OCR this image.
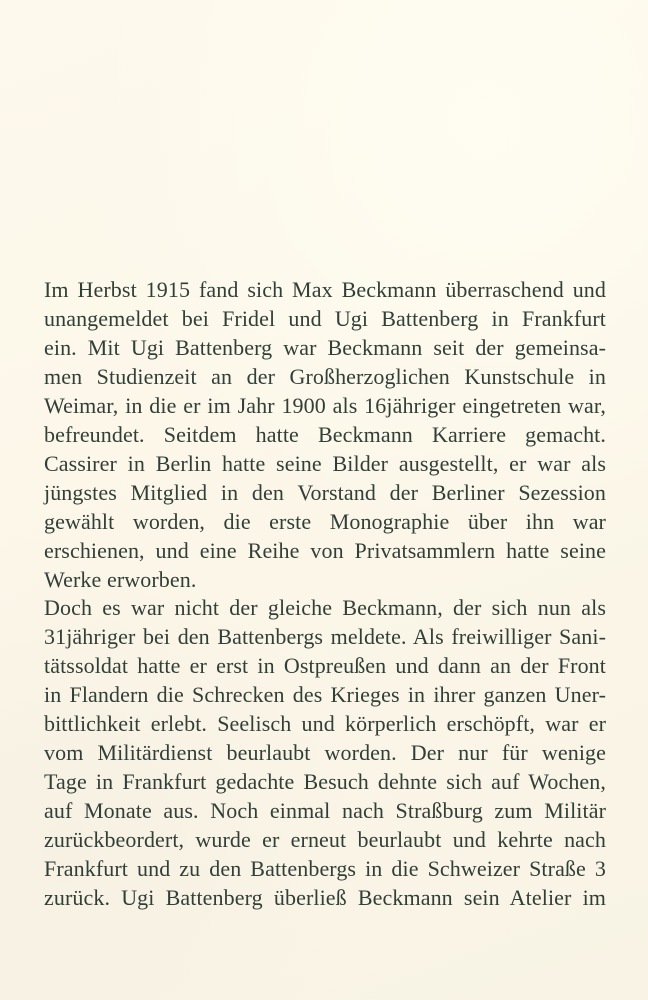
Im Herbst 1915 fand sich Max Beckmann überraschend und
unangemeldet bei Fridel und Ugi Battenberg in Frankfurt
ein. Mit Ugi Battenberg war Beckmann seit der gemeinsa-
men Studienzeit an der Großherzoglichen Kunstschule in
Weimar, in die er im Jahr 1900 als 16jähriger eingetreten war,
befreundet. Seitdem hatte Beckmann Karriere gemacht.
Cassirer in Berlin hatte seine Bilder ausgestellt, er war als
jüngstes Mitglied in den Vorstand der Berliner Sezession
gewählt worden, die erste Monographie über ihn war
erschienen, und eine Reihe von Privatsammlern hatte seine
Werke erworben.
Doch es war nicht der gleiche Beckmann, der sich nun als
31jähriger bei den Battenbergs meldete. Als freiwilliger Sani-
tätssoldat hatte er erst in Ostpreußen und dann an der Front
in Flandern die Schrecken des Krieges in ihrer ganzen Uner-
bittlichkeit erlebt. Seelisch und körperlich erschöpft, war er
vom Militärdienst beurlaubt worden. Der nur für wenige
Tage in Frankfurt gedachte Besuch dehnte sich auf Wochen,
auf Monate aus. Noch einmal nach Straßburg zum Militär
zurückbeordert, wurde er erneut beurlaubt und kehrte nach
Frankfurt und zu den Battenbergs in die Schweizer Straße 3
zurück. Ugi Battenberg überließ Beckmann sein Atelier im
